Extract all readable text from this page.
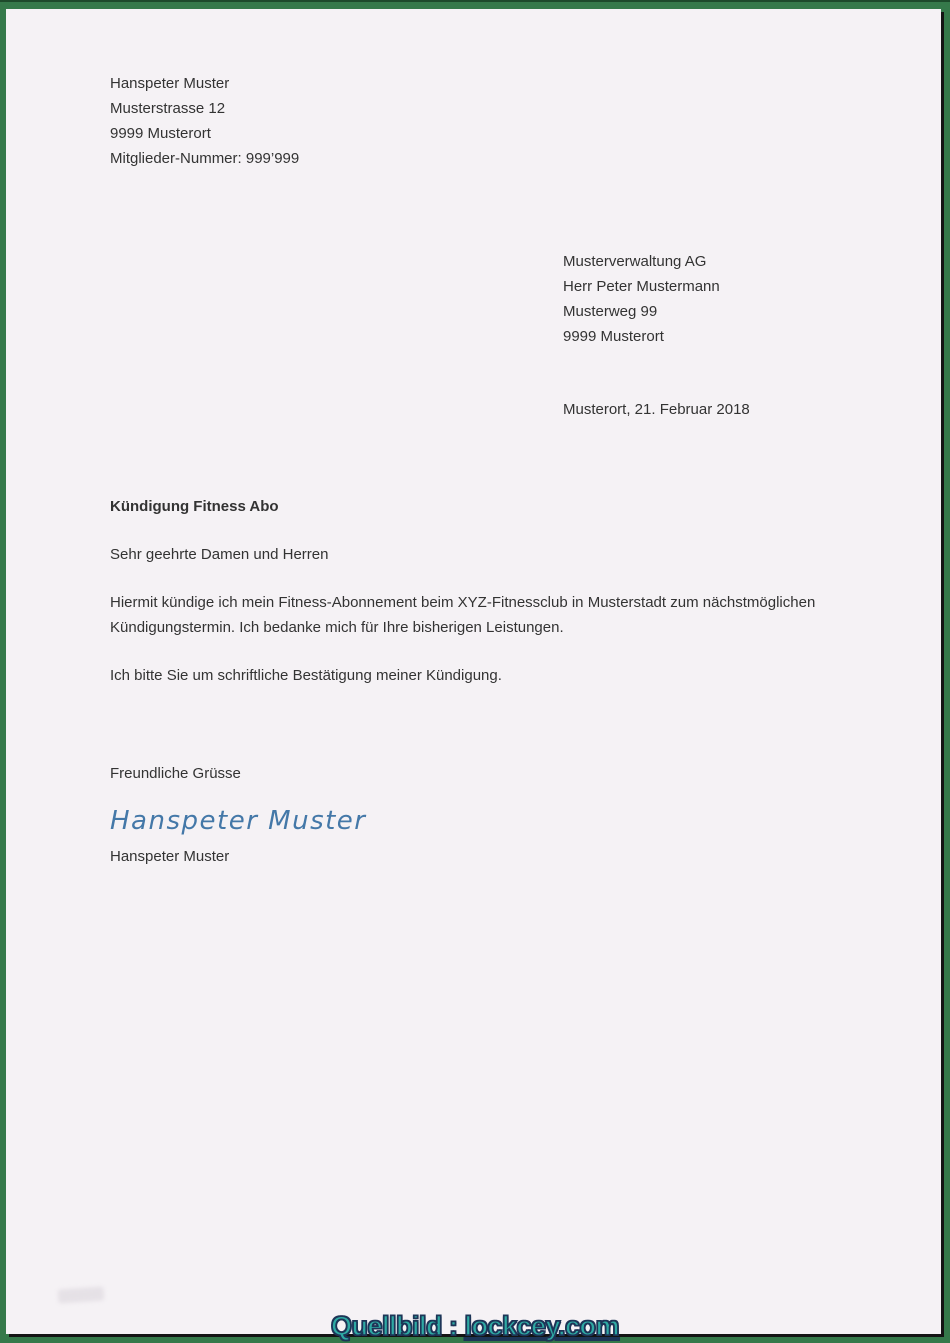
Hanspeter Muster
Musterstrasse 12
9999 Musterort
Mitglieder-Nummer: 999’999
Musterverwaltung AG
Herr Peter Mustermann
Musterweg 99
9999 Musterort
Musterort, 21. Februar 2018
Kündigung Fitness Abo
Sehr geehrte Damen und Herren

Hiermit kündige ich mein Fitness-Abonnement beim XYZ-Fitnessclub in Musterstadt zum nächstmöglichen Kündigungstermin. Ich bedanke mich für Ihre bisherigen Leistungen.

Ich bitte Sie um schriftliche Bestätigung meiner Kündigung.

Freundliche Grüsse
Hanspeter Muster
Hanspeter Muster
Quellbild : lockcey.com
